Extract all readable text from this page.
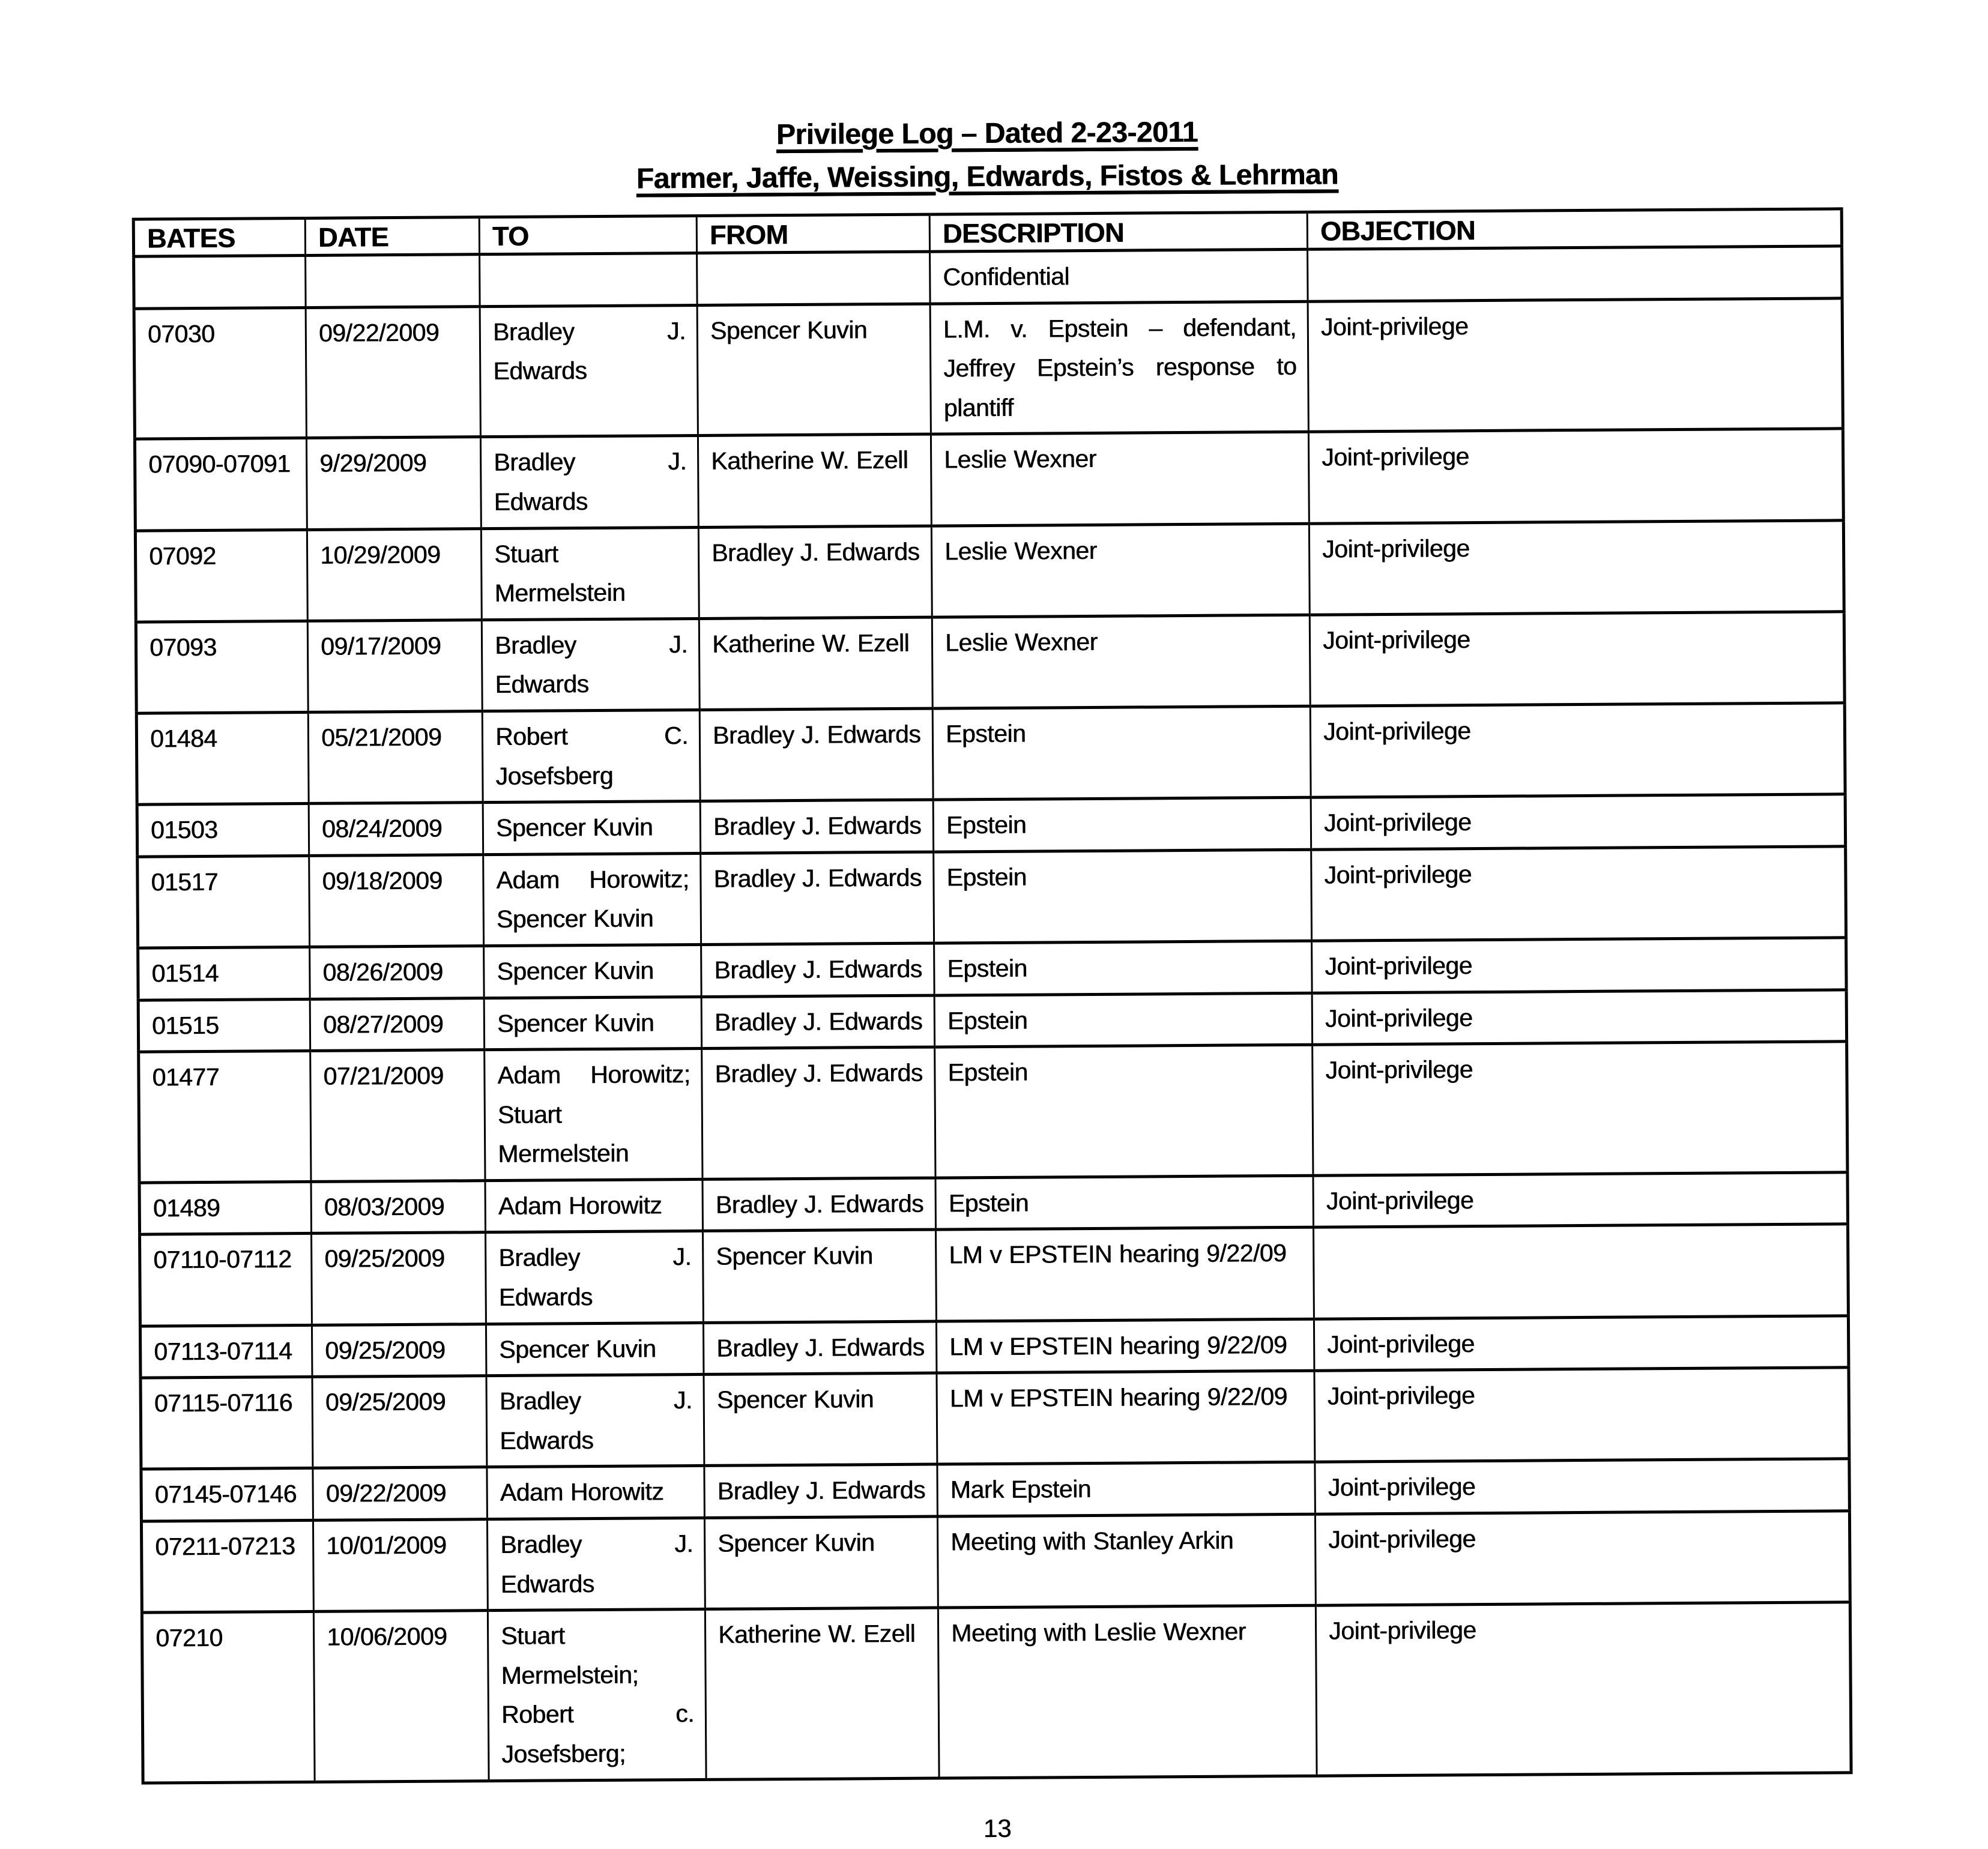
Privilege Log – Dated 2-23-2011
Farmer, Jaffe, Weissing, Edwards, Fistos & Lehrman
BATES	DATE	TO	FROM	DESCRIPTION	OBJECTION
				Confidential	
07030	09/22/2009	Bradley J. Edwards	Spencer Kuvin	L.M. v. Epstein – defendant, Jeffrey Epstein’s response to plantiff	Joint-privilege
07090-07091	9/29/2009	Bradley J. Edwards	Katherine W. Ezell	Leslie Wexner	Joint-privilege
07092	10/29/2009	Stuart Mermelstein	Bradley J. Edwards	Leslie Wexner	Joint-privilege
07093	09/17/2009	Bradley J. Edwards	Katherine W. Ezell	Leslie Wexner	Joint-privilege
01484	05/21/2009	Robert C. Josefsberg	Bradley J. Edwards	Epstein	Joint-privilege
01503	08/24/2009	Spencer Kuvin	Bradley J. Edwards	Epstein	Joint-privilege
01517	09/18/2009	Adam Horowitz; Spencer Kuvin	Bradley J. Edwards	Epstein	Joint-privilege
01514	08/26/2009	Spencer Kuvin	Bradley J. Edwards	Epstein	Joint-privilege
01515	08/27/2009	Spencer Kuvin	Bradley J. Edwards	Epstein	Joint-privilege
01477	07/21/2009	Adam Horowitz; Stuart Mermelstein	Bradley J. Edwards	Epstein	Joint-privilege
01489	08/03/2009	Adam Horowitz	Bradley J. Edwards	Epstein	Joint-privilege
07110-07112	09/25/2009	Bradley J. Edwards	Spencer Kuvin	LM v EPSTEIN hearing 9/22/09	
07113-07114	09/25/2009	Spencer Kuvin	Bradley J. Edwards	LM v EPSTEIN hearing 9/22/09	Joint-privilege
07115-07116	09/25/2009	Bradley J. Edwards	Spencer Kuvin	LM v EPSTEIN hearing 9/22/09	Joint-privilege
07145-07146	09/22/2009	Adam Horowitz	Bradley J. Edwards	Mark Epstein	Joint-privilege
07211-07213	10/01/2009	Bradley J. Edwards	Spencer Kuvin	Meeting with Stanley Arkin	Joint-privilege
07210	10/06/2009	Stuart Mermelstein; Robert c. Josefsberg;	Katherine W. Ezell	Meeting with Leslie Wexner	Joint-privilege
13
